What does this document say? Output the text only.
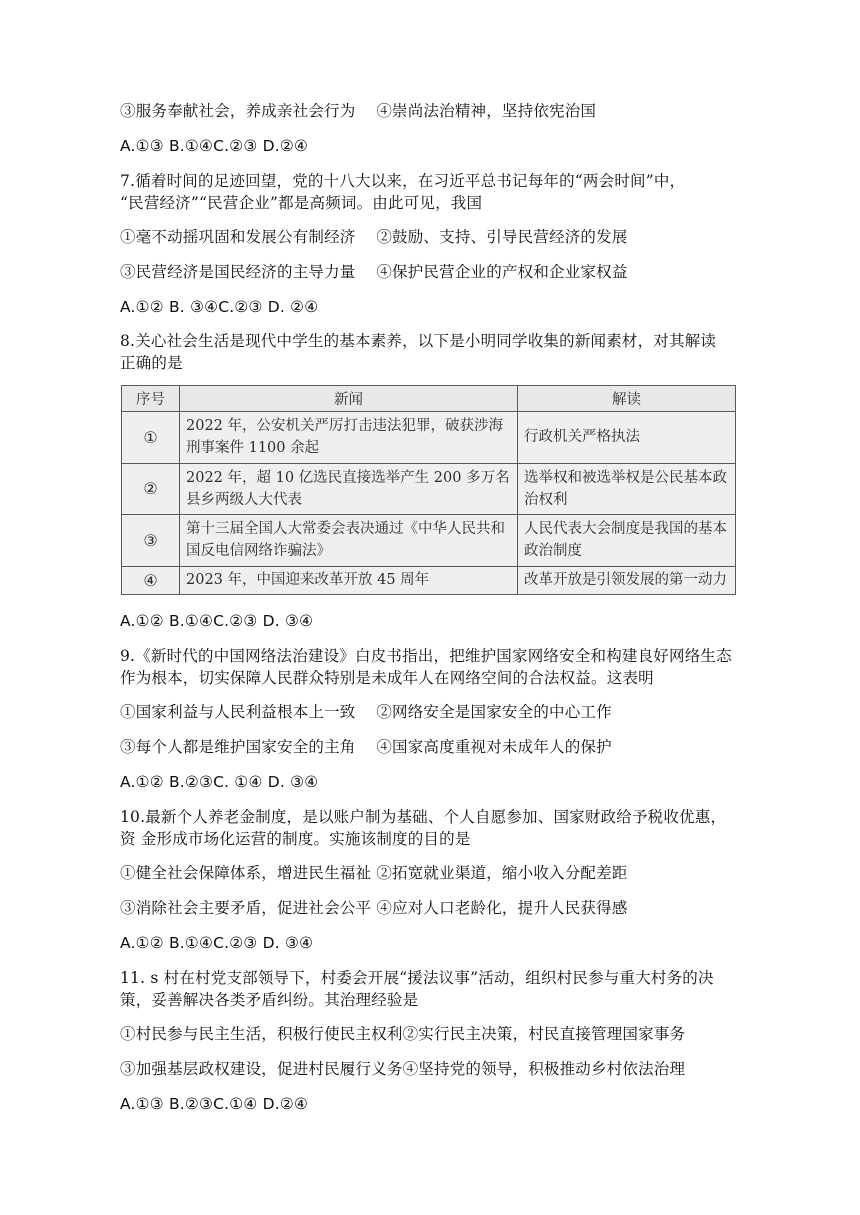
③服务奉献社会，养成亲社会行为　 ④崇尚法治精神，坚持依宪治国
A.①③ B.①④C.②③ D.②④
7.循着时间的足迹回望，党的十八大以来，在习近平总书记每年的“两会时间”中，
“民营经济”“民营企业”都是高频词。由此可见，我国
①毫不动摇巩固和发展公有制经济　 ②鼓励、支持、引导民营经济的发展
③民营经济是国民经济的主导力量　 ④保护民营企业的产权和企业家权益
A.①② B. ③④C.②③ D. ②④
8.关心社会生活是现代中学生的基本素养，以下是小明同学收集的新闻素材，对其解读
正确的是
序号	新闻	解读
①	2022 年，公安机关严厉打击违法犯罪，破获涉海刑事案件 1100 余起	行政机关严格执法
②	2022 年，超 10 亿选民直接选举产生 200 多万名县乡两级人大代表	选举权和被选举权是公民基本政治权利
③	第十三届全国人大常委会表决通过《中华人民共和国反电信网络诈骗法》	人民代表大会制度是我国的基本政治制度
④	2023 年，中国迎来改革开放 45 周年	改革开放是引领发展的第一动力
A.①② B.①④C.②③ D. ③④
9.《新时代的中国网络法治建设》白皮书指出，把维护国家网络安全和构建良好网络生态
作为根本，切实保障人民群众特别是未成年人在网络空间的合法权益。这表明
①国家利益与人民利益根本上一致　 ②网络安全是国家安全的中心工作
③每个人都是维护国家安全的主角　 ④国家高度重视对未成年人的保护
A.①② B.②③C. ①④ D. ③④
10.最新个人养老金制度，是以账户制为基础、个人自愿参加、国家财政给予税收优惠，
资 金形成市场化运营的制度。实施该制度的目的是
①健全社会保障体系，增进民生福祉 ②拓宽就业渠道，缩小收入分配差距
③消除社会主要矛盾，促进社会公平 ④应对人口老龄化，提升人民获得感
A.①② B.①④C.②③ D. ③④
11. s 村在村党支部领导下，村委会开展“援法议事”活动，组织村民参与重大村务的决
策，妥善解决各类矛盾纠纷。其治理经验是
①村民参与民主生活，积极行使民主权利②实行民主决策，村民直接管理国家事务
③加强基层政权建设，促进村民履行义务④坚持党的领导，积极推动乡村依法治理
A.①③ B.②③C.①④ D.②④
